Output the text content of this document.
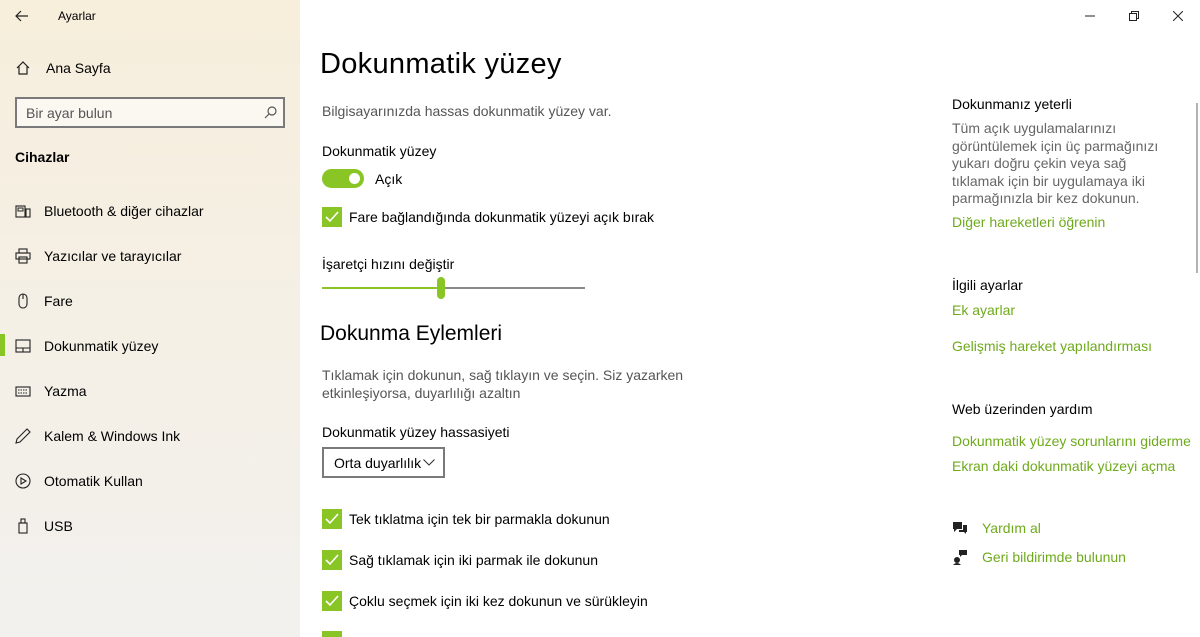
Ayarlar
Ana Sayfa
Bir ayar bulun
Cihazlar
Bluetooth & diğer cihazlar
Yazıcılar ve tarayıcılar
Fare
Dokunmatik yüzey
Yazma
Kalem & Windows Ink
Otomatik Kullan
USB
Dokunmatik yüzey
Bilgisayarınızda hassas dokunmatik yüzey var.
Dokunmatik yüzey
Açık
Fare bağlandığında dokunmatik yüzeyi açık bırak
İşaretçi hızını değiştir
Dokunma Eylemleri
Tıklamak için dokunun, sağ tıklayın ve seçin. Siz yazarken etkinleşiyorsa, duyarlılığı azaltın
Dokunmatik yüzey hassasiyeti
Orta duyarlılık
Tek tıklatma için tek bir parmakla dokunun
Sağ tıklamak için iki parmak ile dokunun
Çoklu seçmek için iki kez dokunun ve sürükleyin
Dokunmanız yeterli
Tüm açık uygulamalarınızı görüntülemek için üç parmağınızı yukarı doğru çekin veya sağ tıklamak için bir uygulamaya iki parmağınızla bir kez dokunun.
Diğer hareketleri öğrenin
İlgili ayarlar
Ek ayarlar
Gelişmiş hareket yapılandırması
Web üzerinden yardım
Dokunmatik yüzey sorunlarını giderme
Ekran daki dokunmatik yüzeyi açma
Yardım al
Geri bildirimde bulunun
